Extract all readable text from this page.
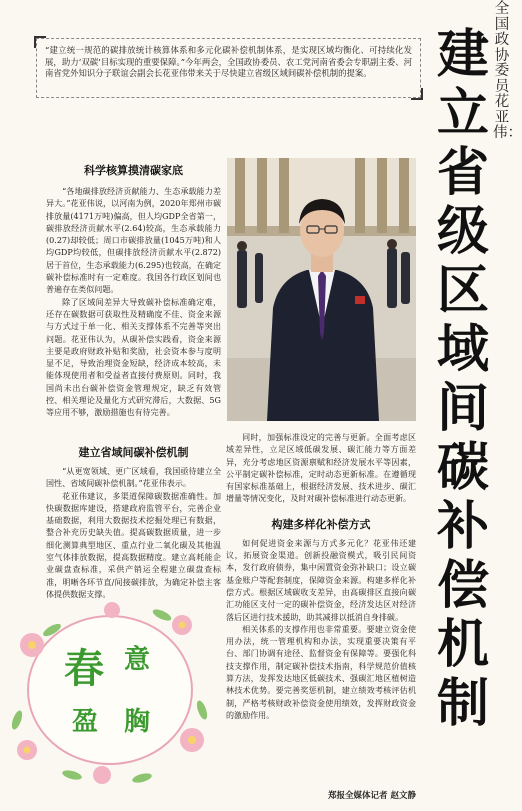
全国政协委员花亚伟：
建立省级区域间碳补偿机制
“建立统一规范的碳排放统计核算体系和多元化碳补偿机制体系，是实现区域均衡化、可持续化发展，助力‘双碳’目标实现的重要保障。”今年两会，全国政协委员、农工党河南省委会专职副主委、河南省党外知识分子联谊会副会长花亚伟带来关于尽快建立省级区域间碳补偿机制的提案。
科学核算摸清碳家底

“各地碳排放经济贡献能力、生态承载能力差异大。”花亚伟说，以河南为例，2020年郑州市碳排放量(4171万吨)偏高，但人均GDP全省第一，碳排放经济贡献水平(2.64)较高，生态承载能力(0.27)却较低；周口市碳排放量(1045万吨)和人均GDP均较低，但碳排放经济贡献水平(2.872)居于首位，生态承载能力(6.295)也较高，在确定碳补偿标准时有一定难度。我国各行政区划间也普遍存在类似问题。

除了区域间差异大导致碳补偿标准确定难，还存在碳数据可获取性及精确度不佳、资金来源与方式过于单一化、相关支撑体系不完善等突出问题。花亚伟认为，从碳补偿实践看，资金来源主要是政府财政补贴和奖励，社会资本参与度明显不足，导致治理资金短缺，经济成本较高，未能体现使用者和受益者直接付费原则。同时，我国尚未出台碳补偿资金管理规定，缺乏有效管控、相关理论及量化方式研究滞后，大数据、5G等应用不够，激励措施也有待完善。

建立省域间碳补偿机制

“从更宽领域、更广区域看，我国亟待建立全国性、省域间碳补偿机制。”花亚伟表示。

花亚伟建议，多渠道保障碳数据准确性。加快碳数据库建设，搭建政府监管平台，完善企业基础数据，利用大数据技术挖掘处理已有数据，整合补充历史缺失值。提高碳数据质量，进一步细化测算典型地区、重点行业二氧化碳及其他温室气体排放数据，提高数据精度。建立高耗能企业碳盘查标准，采供产销运全程建立碳盘查标准，明晰各环节直/间接碳排放，为确定补偿主客体提供数据支撑。

同时，加强标准设定的完善与更新。全面考虑区域差异性，立足区域低碳发展、碳汇能力等方面差异，充分考虑地区资源禀赋和经济发展水平等因素，公平制定碳补偿标准，定时动态更新标准。在遵循现有国家标准基础上，根据经济发展、技术进步、碳汇增量等情况变化，及时对碳补偿标准进行动态更新。

构建多样化补偿方式

如何促进资金来源与方式多元化？花亚伟还建议，拓展资金渠道。创新投融资模式，吸引民间资本，发行政府债券，集中闲置资金弥补缺口；设立碳基金账户等配套制度，保障资金来源。构建多样化补偿方式。根据区域碳收支差异，由高碳排区直接向碳汇功能区支付一定的碳补偿资金，经济发达区对经济落后区进行技术援助，助其减排以抵消自身排碳。

相关体系的支撑作用也非常重要。要建立资金使用办法，统一管理机构和办法，实现重要决策有平台、部门协调有途径、监督资金有保障等。要强化科技支撑作用，制定碳补偿技术指南，科学规范价值核算方法，发挥发达地区低碳技术、强碳汇地区植树造林技术优势。要完善奖惩机制，建立绩效考核评估机制，严格考核财政补偿资金使用绩效，发挥财政资金的激励作用。

郑报全媒体记者 赵文静
春 意
盈 胸
